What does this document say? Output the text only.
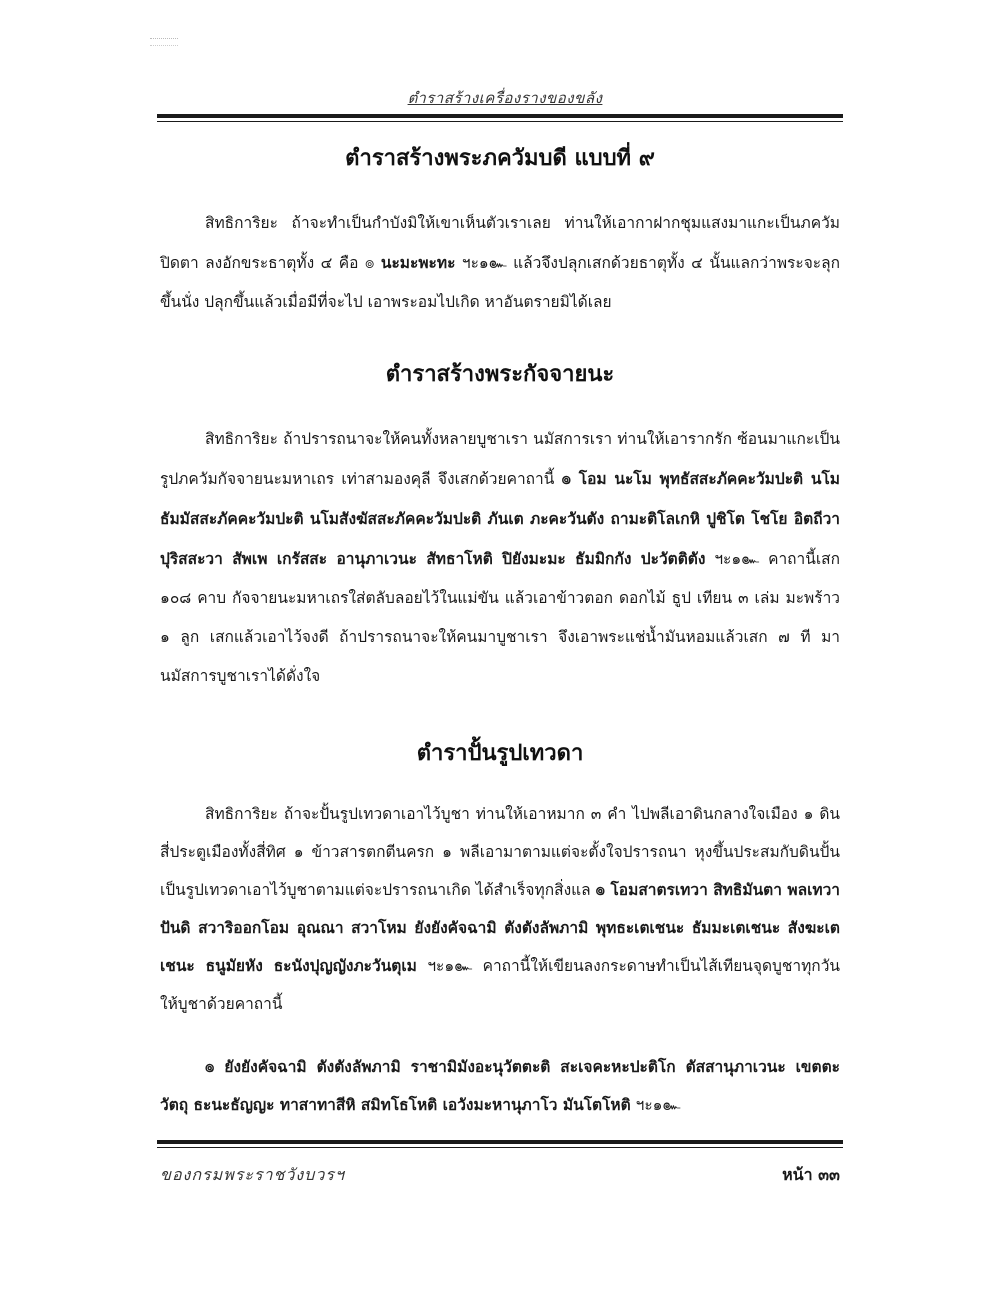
ตำราสร้างเครื่องรางของขลัง
ตำราสร้างพระภควัมบดี แบบที่ ๙
สิทธิการิยะ ถ้าจะทำเป็นกำบังมิให้เขาเห็นตัวเราเลย ท่านให้เอากาฝากชุมแสงมาแกะเป็นภควัมปิดตา ลงอักขระธาตุทั้ง ๔ คือ ๏ นะมะพะทะ ฯะ๑๛ แล้วจึงปลุกเสกด้วยธาตุทั้ง ๔ นั้นแลกว่าพระจะลุกขึ้นนั่ง ปลุกขึ้นแล้วเมื่อมีที่จะไป เอาพระอมไปเกิด หาอันตรายมิได้เลย
ตำราสร้างพระกัจจายนะ
สิทธิการิยะ ถ้าปรารถนาจะให้คนทั้งหลายบูชาเรา นมัสการเรา ท่านให้เอารากรัก ซ้อนมาแกะเป็นรูปภควัมกัจจายนะมหาเถร เท่าสามองคุลี จึงเสกด้วยคาถานี้ ๏ โอม นะโม พุทธัสสะภัคคะวัมปะติ นโมธัมมัสสะภัคคะวัมปะติ นโมสังฆัสสะภัคคะวัมปะติ ภันเต ภะคะวันตัง ถามะติโลเกหิ ปูชิโต โชโย อิตถีวา ปุริสสะวา สัพเพ เกรัสสะ อานุภาเวนะ สัทธาโหติ ปิยังมะมะ ธัมมิกกัง ปะวัตติตัง ฯะ๑๛ คาถานี้เสก ๑๐๘ คาบ กัจจายนะมหาเถรใส่ตลับลอยไว้ในแม่ขัน แล้วเอาข้าวตอก ดอกไม้ ธูป เทียน ๓ เล่ม มะพร้าว ๑ ลูก เสกแล้วเอาไว้จงดี ถ้าปรารถนาจะให้คนมาบูชาเรา จึงเอาพระแช่น้ำมันหอมแล้วเสก ๗ ที มานมัสการบูชาเราได้ดั่งใจ
ตำราปั้นรูปเทวดา
สิทธิการิยะ ถ้าจะปั้นรูปเทวดาเอาไว้บูชา ท่านให้เอาหมาก ๓ คำ ไปพลีเอาดินกลางใจเมือง ๑ ดินสี่ประตูเมืองทั้งสี่ทิศ ๑ ข้าวสารตกตีนครก ๑ พลีเอามาตามแต่จะตั้งใจปรารถนา หุงขึ้นประสมกับดินปั้นเป็นรูปเทวดาเอาไว้บูชาตามแต่จะปรารถนาเกิด ได้สำเร็จทุกสิ่งแล ๏ โอมสาตรเทวา สิทธิมันตา พลเทวาปันดิ สวาริออกโอม อุณณา สวาโหม ยังยังคัจฉามิ ตังตังลัพภามิ พุทธะเตเชนะ ธัมมะเตเชนะ สังฆะเตเชนะ ธนูมัยหัง ธะนังปุญญังภะวันตุเม ฯะ๑๛ คาถานี้ให้เขียนลงกระดาษทำเป็นไส้เทียนจุดบูชาทุกวัน ให้บูชาด้วยคาถานี้
๏ ยังยังคัจฉามิ ตังตังลัพภามิ ราชามิมังอะนุวัตตะติ สะเจคะหะปะติโก ตัสสานุภาเวนะ เขตตะวัตถุ ธะนะธัญญะ ทาสาทาสีหิ สมิทโธโหติ เอวังมะหานุภาโว มันโตโหติ ฯะ๑๛
ของกรมพระราชวังบวรฯ	หน้า ๓๓
